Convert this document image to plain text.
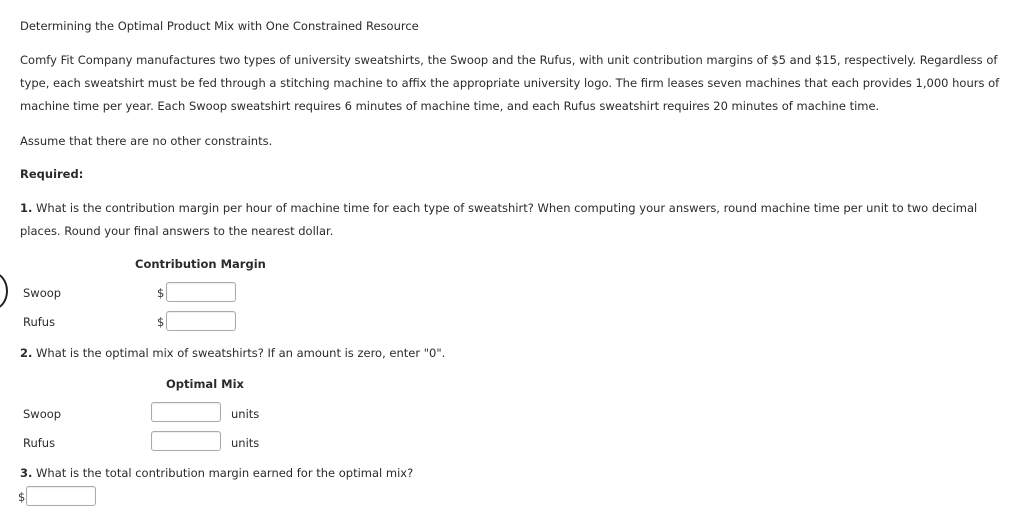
Determining the Optimal Product Mix with One Constrained Resource
Comfy Fit Company manufactures two types of university sweatshirts, the Swoop and the Rufus, with unit contribution margins of $5 and $15, respectively. Regardless of
type, each sweatshirt must be fed through a stitching machine to affix the appropriate university logo. The firm leases seven machines that each provides 1,000 hours of
machine time per year. Each Swoop sweatshirt requires 6 minutes of machine time, and each Rufus sweatshirt requires 20 minutes of machine time.
Assume that there are no other constraints.
Required:
1. What is the contribution margin per hour of machine time for each type of sweatshirt? When computing your answers, round machine time per unit to two decimal
places. Round your final answers to the nearest dollar.
Contribution Margin
Swoop	$
Rufus	$
2. What is the optimal mix of sweatshirts? If an amount is zero, enter "0".
Optimal Mix
Swoop	units
Rufus	units
3. What is the total contribution margin earned for the optimal mix?
$
